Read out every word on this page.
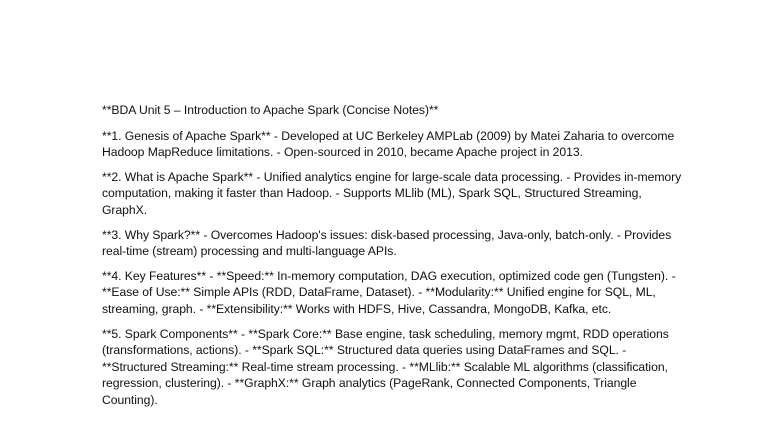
**BDA Unit 5 – Introduction to Apache Spark (Concise Notes)**

**1. Genesis of Apache Spark** - Developed at UC Berkeley AMPLab (2009) by Matei Zaharia to overcome Hadoop MapReduce limitations. - Open-sourced in 2010, became Apache project in 2013.

**2. What is Apache Spark** - Unified analytics engine for large-scale data processing. - Provides in-memory computation, making it faster than Hadoop. - Supports MLlib (ML), Spark SQL, Structured Streaming, GraphX.

**3. Why Spark?** - Overcomes Hadoop's issues: disk-based processing, Java-only, batch-only. - Provides real-time (stream) processing and multi-language APIs.

**4. Key Features** - **Speed:** In-memory computation, DAG execution, optimized code gen (Tungsten). - **Ease of Use:** Simple APIs (RDD, DataFrame, Dataset). - **Modularity:** Unified engine for SQL, ML, streaming, graph. - **Extensibility:** Works with HDFS, Hive, Cassandra, MongoDB, Kafka, etc.

**5. Spark Components** - **Spark Core:** Base engine, task scheduling, memory mgmt, RDD operations (transformations, actions). - **Spark SQL:** Structured data queries using DataFrames and SQL. - **Structured Streaming:** Real-time stream processing. - **MLlib:** Scalable ML algorithms (classification, regression, clustering). - **GraphX:** Graph analytics (PageRank, Connected Components, Triangle Counting).
